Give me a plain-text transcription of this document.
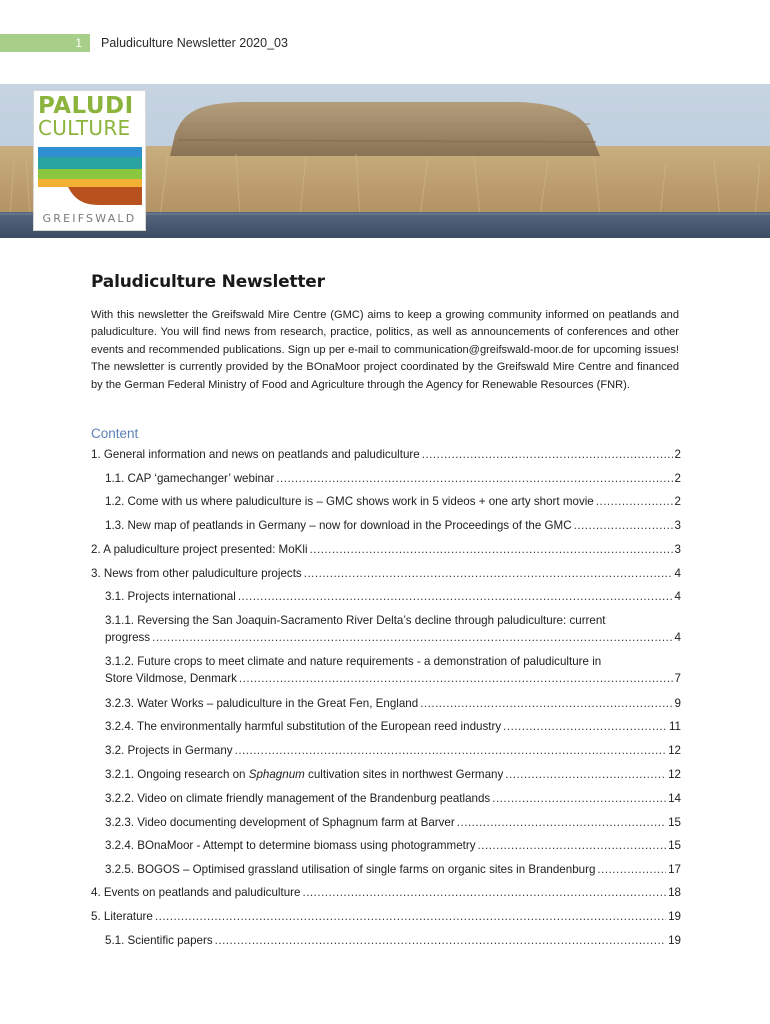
1	Paludiculture Newsletter 2020_03
PALUDI
CULTURE
GREIFSWALD
Paludiculture Newsletter

With this newsletter the Greifswald Mire Centre (GMC) aims to keep a growing community informed on peatlands and paludiculture. You will find news from research, practice, politics, as well as announcements of conferences and other events and recommended publications. Sign up per e-mail to communication@greifswald-moor.de for upcoming issues! The newsletter is currently provided by the BOnaMoor project coordinated by the Greifswald Mire Centre and financed by the German Federal Ministry of Food and Agriculture through the Agency for Renewable Resources (FNR).

Content
1. General information and news on peatlands and paludiculture .....	2
1.1. CAP ‘gamechanger’ webinar .....	2
1.2. Come with us where paludiculture is – GMC shows work in 5 videos + one arty short movie .....	2
1.3. New map of peatlands in Germany – now for download in the Proceedings of the GMC .....	3
2. A paludiculture project presented: MoKli .....	3
3. News from other paludiculture projects .....	4
3.1. Projects international .....	4
3.1.1. Reversing the San Joaquin-Sacramento River Delta’s decline through paludiculture: current
progress .....	4
3.1.2. Future crops to meet climate and nature requirements - a demonstration of paludiculture in
Store Vildmose, Denmark .....	7
3.2.3. Water Works – paludiculture in the Great Fen, England .....	9
3.2.4. The environmentally harmful substitution of the European reed industry .....	11
3.2. Projects in Germany .....	12
3.2.1. Ongoing research on Sphagnum cultivation sites in northwest Germany .....	12
3.2.2. Video on climate friendly management of the Brandenburg peatlands .....	14
3.2.3. Video documenting development of Sphagnum farm at Barver .....	15
3.2.4. BOnaMoor - Attempt to determine biomass using photogrammetry .....	15
3.2.5. BOGOS – Optimised grassland utilisation of single farms on organic sites in Brandenburg .....	17
4. Events on peatlands and paludiculture .....	18
5. Literature .....	19
5.1. Scientific papers .....	19
